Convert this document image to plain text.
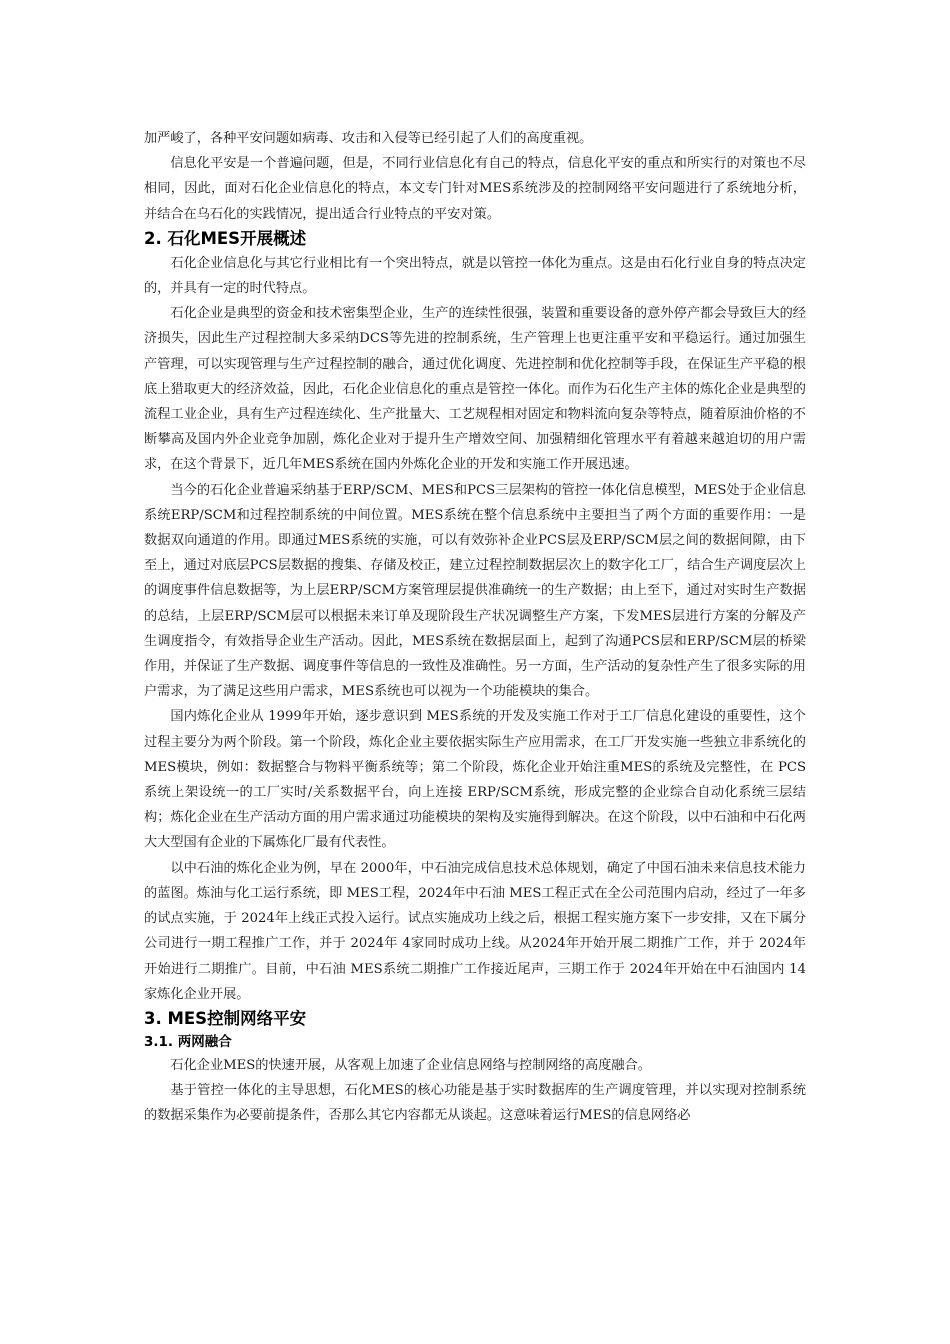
加严峻了，各种平安问题如病毒、攻击和入侵等已经引起了人们的高度重视。

信息化平安是一个普遍问题，但是，不同行业信息化有自己的特点，信息化平安的重点和所实行的对策也不尽相同，因此，面对石化企业信息化的特点，本文专门针对MES系统涉及的控制网络平安问题进行了系统地分析，并结合在乌石化的实践情况，提出适合行业特点的平安对策。

2. 石化MES开展概述

石化企业信息化与其它行业相比有一个突出特点，就是以管控一体化为重点。这是由石化行业自身的特点决定的，并具有一定的时代特点。

石化企业是典型的资金和技术密集型企业，生产的连续性很强，装置和重要设备的意外停产都会导致巨大的经济损失，因此生产过程控制大多采纳DCS等先进的控制系统，生产管理上也更注重平安和平稳运行。通过加强生产管理，可以实现管理与生产过程控制的融合，通过优化调度、先进控制和优化控制等手段，在保证生产平稳的根底上猎取更大的经济效益，因此，石化企业信息化的重点是管控一体化。而作为石化生产主体的炼化企业是典型的流程工业企业，具有生产过程连续化、生产批量大、工艺规程相对固定和物料流向复杂等特点，随着原油价格的不断攀高及国内外企业竞争加剧，炼化企业对于提升生产增效空间、加强精细化管理水平有着越来越迫切的用户需求，在这个背景下，近几年MES系统在国内外炼化企业的开发和实施工作开展迅速。

当今的石化企业普遍采纳基于ERP/SCM、MES和PCS三层架构的管控一体化信息模型，MES处于企业信息系统ERP/SCM和过程控制系统的中间位置。MES系统在整个信息系统中主要担当了两个方面的重要作用：一是数据双向通道的作用。即通过MES系统的实施，可以有效弥补企业PCS层及ERP/SCM层之间的数据间隙，由下至上，通过对底层PCS层数据的搜集、存储及校正，建立过程控制数据层次上的数字化工厂，结合生产调度层次上的调度事件信息数据等，为上层ERP/SCM方案管理层提供准确统一的生产数据；由上至下，通过对实时生产数据的总结，上层ERP/SCM层可以根据未来订单及现阶段生产状况调整生产方案，下发MES层进行方案的分解及产生调度指令，有效指导企业生产活动。因此，MES系统在数据层面上，起到了沟通PCS层和ERP/SCM层的桥梁作用，并保证了生产数据、调度事件等信息的一致性及准确性。另一方面，生产活动的复杂性产生了很多实际的用户需求，为了满足这些用户需求，MES系统也可以视为一个功能模块的集合。

国内炼化企业从 1999年开始，逐步意识到 MES系统的开发及实施工作对于工厂信息化建设的重要性，这个过程主要分为两个阶段。第一个阶段，炼化企业主要依据实际生产应用需求，在工厂开发实施一些独立非系统化的 MES模块，例如：数据整合与物料平衡系统等；第二个阶段，炼化企业开始注重MES的系统及完整性，在 PCS系统上架设统一的工厂实时/关系数据平台，向上连接 ERP/SCM系统，形成完整的企业综合自动化系统三层结构；炼化企业在生产活动方面的用户需求通过功能模块的架构及实施得到解决。在这个阶段，以中石油和中石化两大大型国有企业的下属炼化厂最有代表性。

以中石油的炼化企业为例，早在 2000年，中石油完成信息技术总体规划，确定了中国石油未来信息技术能力的蓝图。炼油与化工运行系统，即 MES工程，2024年中石油 MES工程正式在全公司范围内启动，经过了一年多的试点实施，于 2024年上线正式投入运行。试点实施成功上线之后，根据工程实施方案下一步安排，又在下属分公司进行一期工程推广工作，并于 2024年 4家同时成功上线。从2024年开始开展二期推广工作，并于 2024年开始进行二期推广。目前，中石油 MES系统二期推广工作接近尾声，三期工作于 2024年开始在中石油国内 14家炼化企业开展。

3. MES控制网络平安
3.1. 两网融合

石化企业MES的快速开展，从客观上加速了企业信息网络与控制网络的高度融合。

基于管控一体化的主导思想，石化MES的核心功能是基于实时数据库的生产调度管理，并以实现对控制系统的数据采集作为必要前提条件，否那么其它内容都无从谈起。这意味着运行MES的信息网络必
